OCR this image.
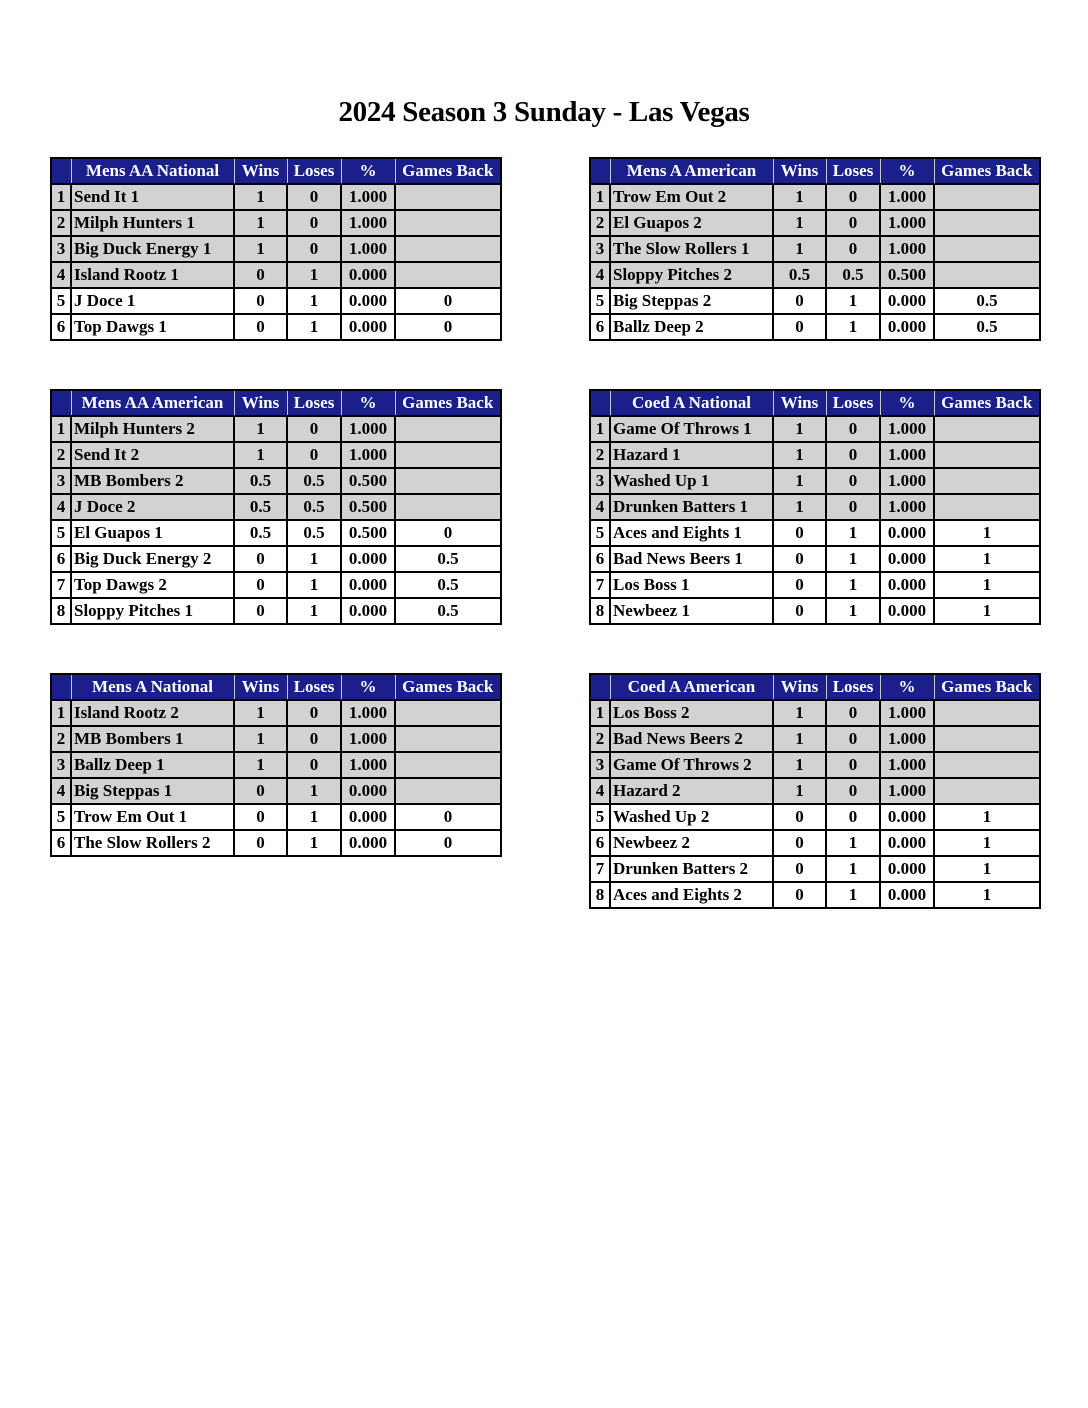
2024 Season 3 Sunday - Las Vegas
	Mens AA National	Wins	Loses	%	Games Back
1	Send It 1	1	0	1.000	
2	Milph Hunters 1	1	0	1.000	
3	Big Duck Energy 1	1	0	1.000	
4	Island Rootz 1	0	1	0.000	
5	J Doce 1	0	1	0.000	0
6	Top Dawgs 1	0	1	0.000	0
	Mens A American	Wins	Loses	%	Games Back
1	Trow Em Out 2	1	0	1.000	
2	El Guapos 2	1	0	1.000	
3	The Slow Rollers 1	1	0	1.000	
4	Sloppy Pitches 2	0.5	0.5	0.500	
5	Big Steppas 2	0	1	0.000	0.5
6	Ballz Deep 2	0	1	0.000	0.5
	Mens AA American	Wins	Loses	%	Games Back
1	Milph Hunters 2	1	0	1.000	
2	Send It 2	1	0	1.000	
3	MB Bombers 2	0.5	0.5	0.500	
4	J Doce 2	0.5	0.5	0.500	
5	El Guapos 1	0.5	0.5	0.500	0
6	Big Duck Energy 2	0	1	0.000	0.5
7	Top Dawgs 2	0	1	0.000	0.5
8	Sloppy Pitches 1	0	1	0.000	0.5
	Coed A National	Wins	Loses	%	Games Back
1	Game Of Throws 1	1	0	1.000	
2	Hazard 1	1	0	1.000	
3	Washed Up 1	1	0	1.000	
4	Drunken Batters 1	1	0	1.000	
5	Aces and Eights 1	0	1	0.000	1
6	Bad News Beers 1	0	1	0.000	1
7	Los Boss 1	0	1	0.000	1
8	Newbeez 1	0	1	0.000	1
	Mens A National	Wins	Loses	%	Games Back
1	Island Rootz 2	1	0	1.000	
2	MB Bombers 1	1	0	1.000	
3	Ballz Deep 1	1	0	1.000	
4	Big Steppas 1	0	1	0.000	
5	Trow Em Out 1	0	1	0.000	0
6	The Slow Rollers 2	0	1	0.000	0
	Coed A American	Wins	Loses	%	Games Back
1	Los Boss 2	1	0	1.000	
2	Bad News Beers 2	1	0	1.000	
3	Game Of Throws 2	1	0	1.000	
4	Hazard 2	1	0	1.000	
5	Washed Up 2	0	0	0.000	1
6	Newbeez 2	0	1	0.000	1
7	Drunken Batters 2	0	1	0.000	1
8	Aces and Eights 2	0	1	0.000	1
